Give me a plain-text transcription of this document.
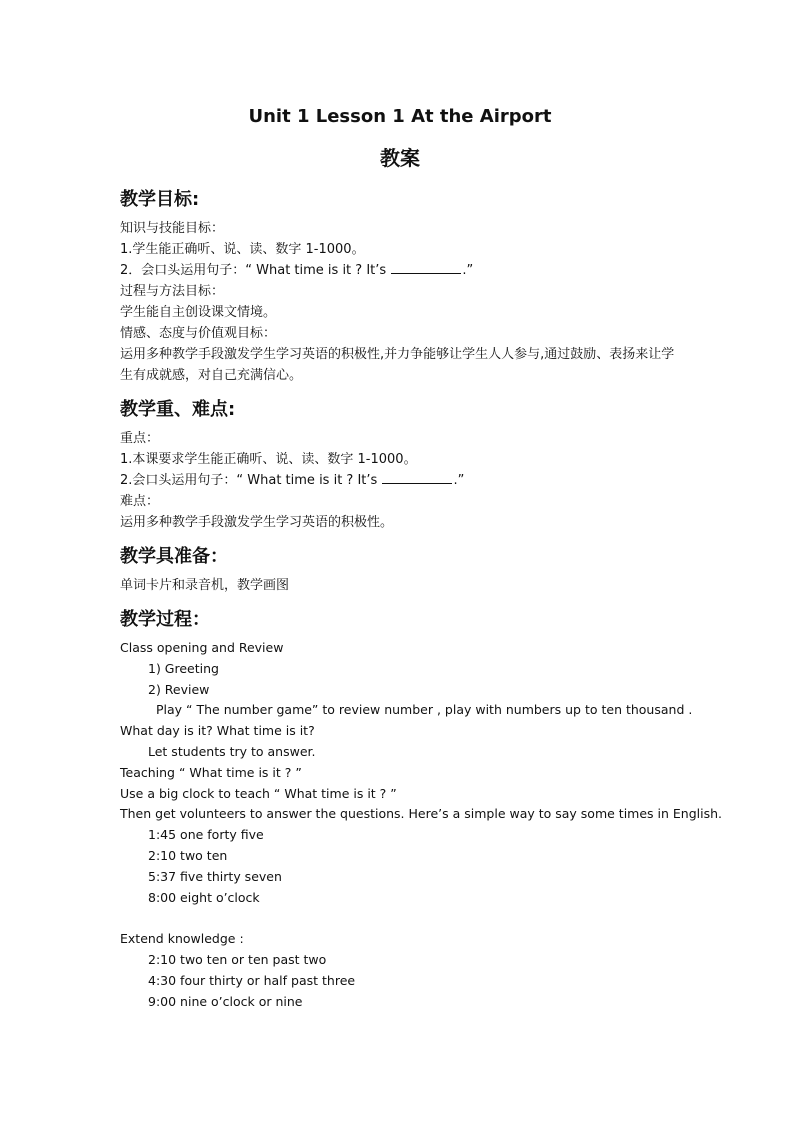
Unit 1 Lesson 1 At the Airport
教案
教学目标:
知识与技能目标：
1.学生能正确听、说、读、数字 1-1000。
2．会口头运用句子：“ What time is it ? It’s	.”
过程与方法目标：
学生能自主创设课文情境。
情感、态度与价值观目标：
运用多种教学手段激发学生学习英语的积极性,并力争能够让学生人人参与,通过鼓励、表扬来让学生有成就感，对自己充满信心。
教学重、难点:
重点：
1.本课要求学生能正确听、说、读、数字 1-1000。
2.会口头运用句子：“ What time is it ? It’s	.”
难点：
运用多种教学手段激发学生学习英语的积极性。
教学具准备：
单词卡片和录音机，教学画图
教学过程：
Class opening and Review
1) Greeting
2) Review
Play “ The number game” to review number , play with numbers up to ten thousand .
What day is it? What time is it?
Let students try to answer.
Teaching “ What time is it ? ”
Use a big clock to teach “ What time is it ? ”
Then get volunteers to answer the questions. Here’s a simple way to say some times in English.
1:45 one forty five
2:10 two ten
5:37 five thirty seven
8:00 eight o’clock
Extend knowledge :
2:10 two ten or ten past two
4:30 four thirty or half past three
9:00 nine o’clock or nine
